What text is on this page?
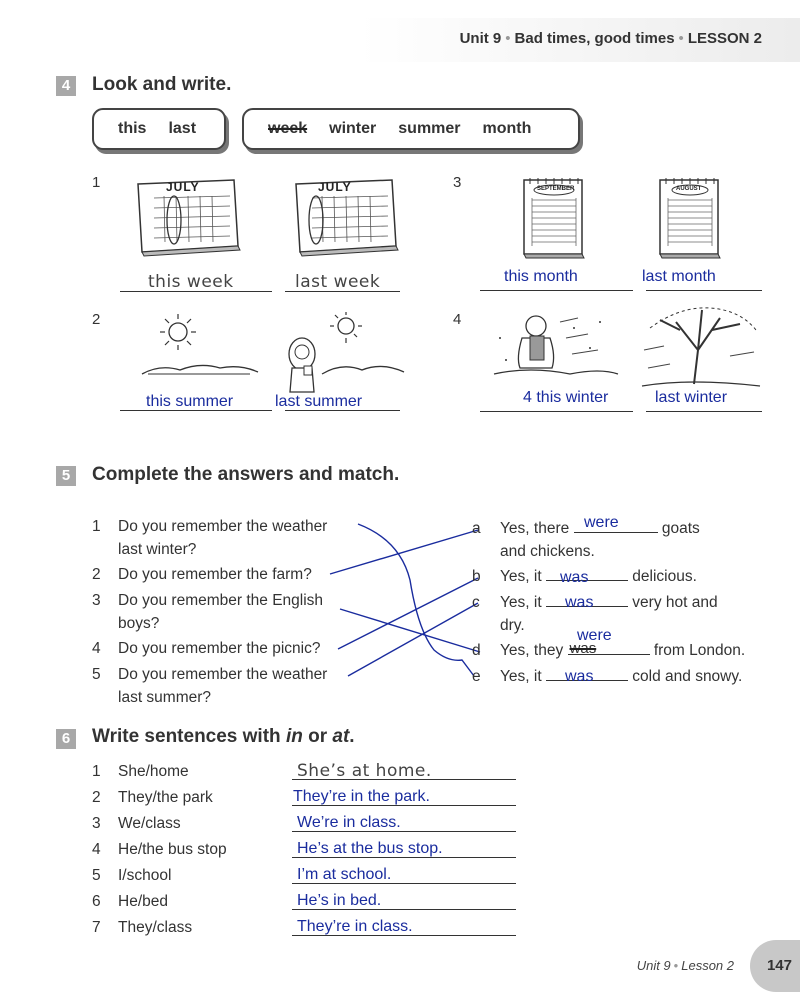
Unit 9 • Bad times, good times • LESSON 2
4	Look and write.
this last	week winter summer month
1
2
3
4
JULY	JULY
this week	last week
SEPTEMBER	AUGUST
this month	last month
this summer	last summer	4 this winter	last winter
5	Complete the answers and match.
1 Do you remember the weather
last winter?
2 Do you remember the farm?
3 Do you remember the English
boys?
4 Do you remember the picnic?
5 Do you remember the weather
last summer?
a Yes, there	goats
and chickens.
were
b Yes, it	delicious.
was
c Yes, it	very hot and
dry.
was
d Yes, they was	from London.
were
e Yes, it	cold and snowy.
was
6	Write sentences with in or at.
1 She/home	She’s at home.
2 They/the park	They’re in the park.
3 We/class	We’re in class.
4 He/the bus stop	He’s at the bus stop.
5 I/school	I’m at school.
6 He/bed	He’s in bed.
7 They/class	They’re in class.
Unit 9 • Lesson 2 147
